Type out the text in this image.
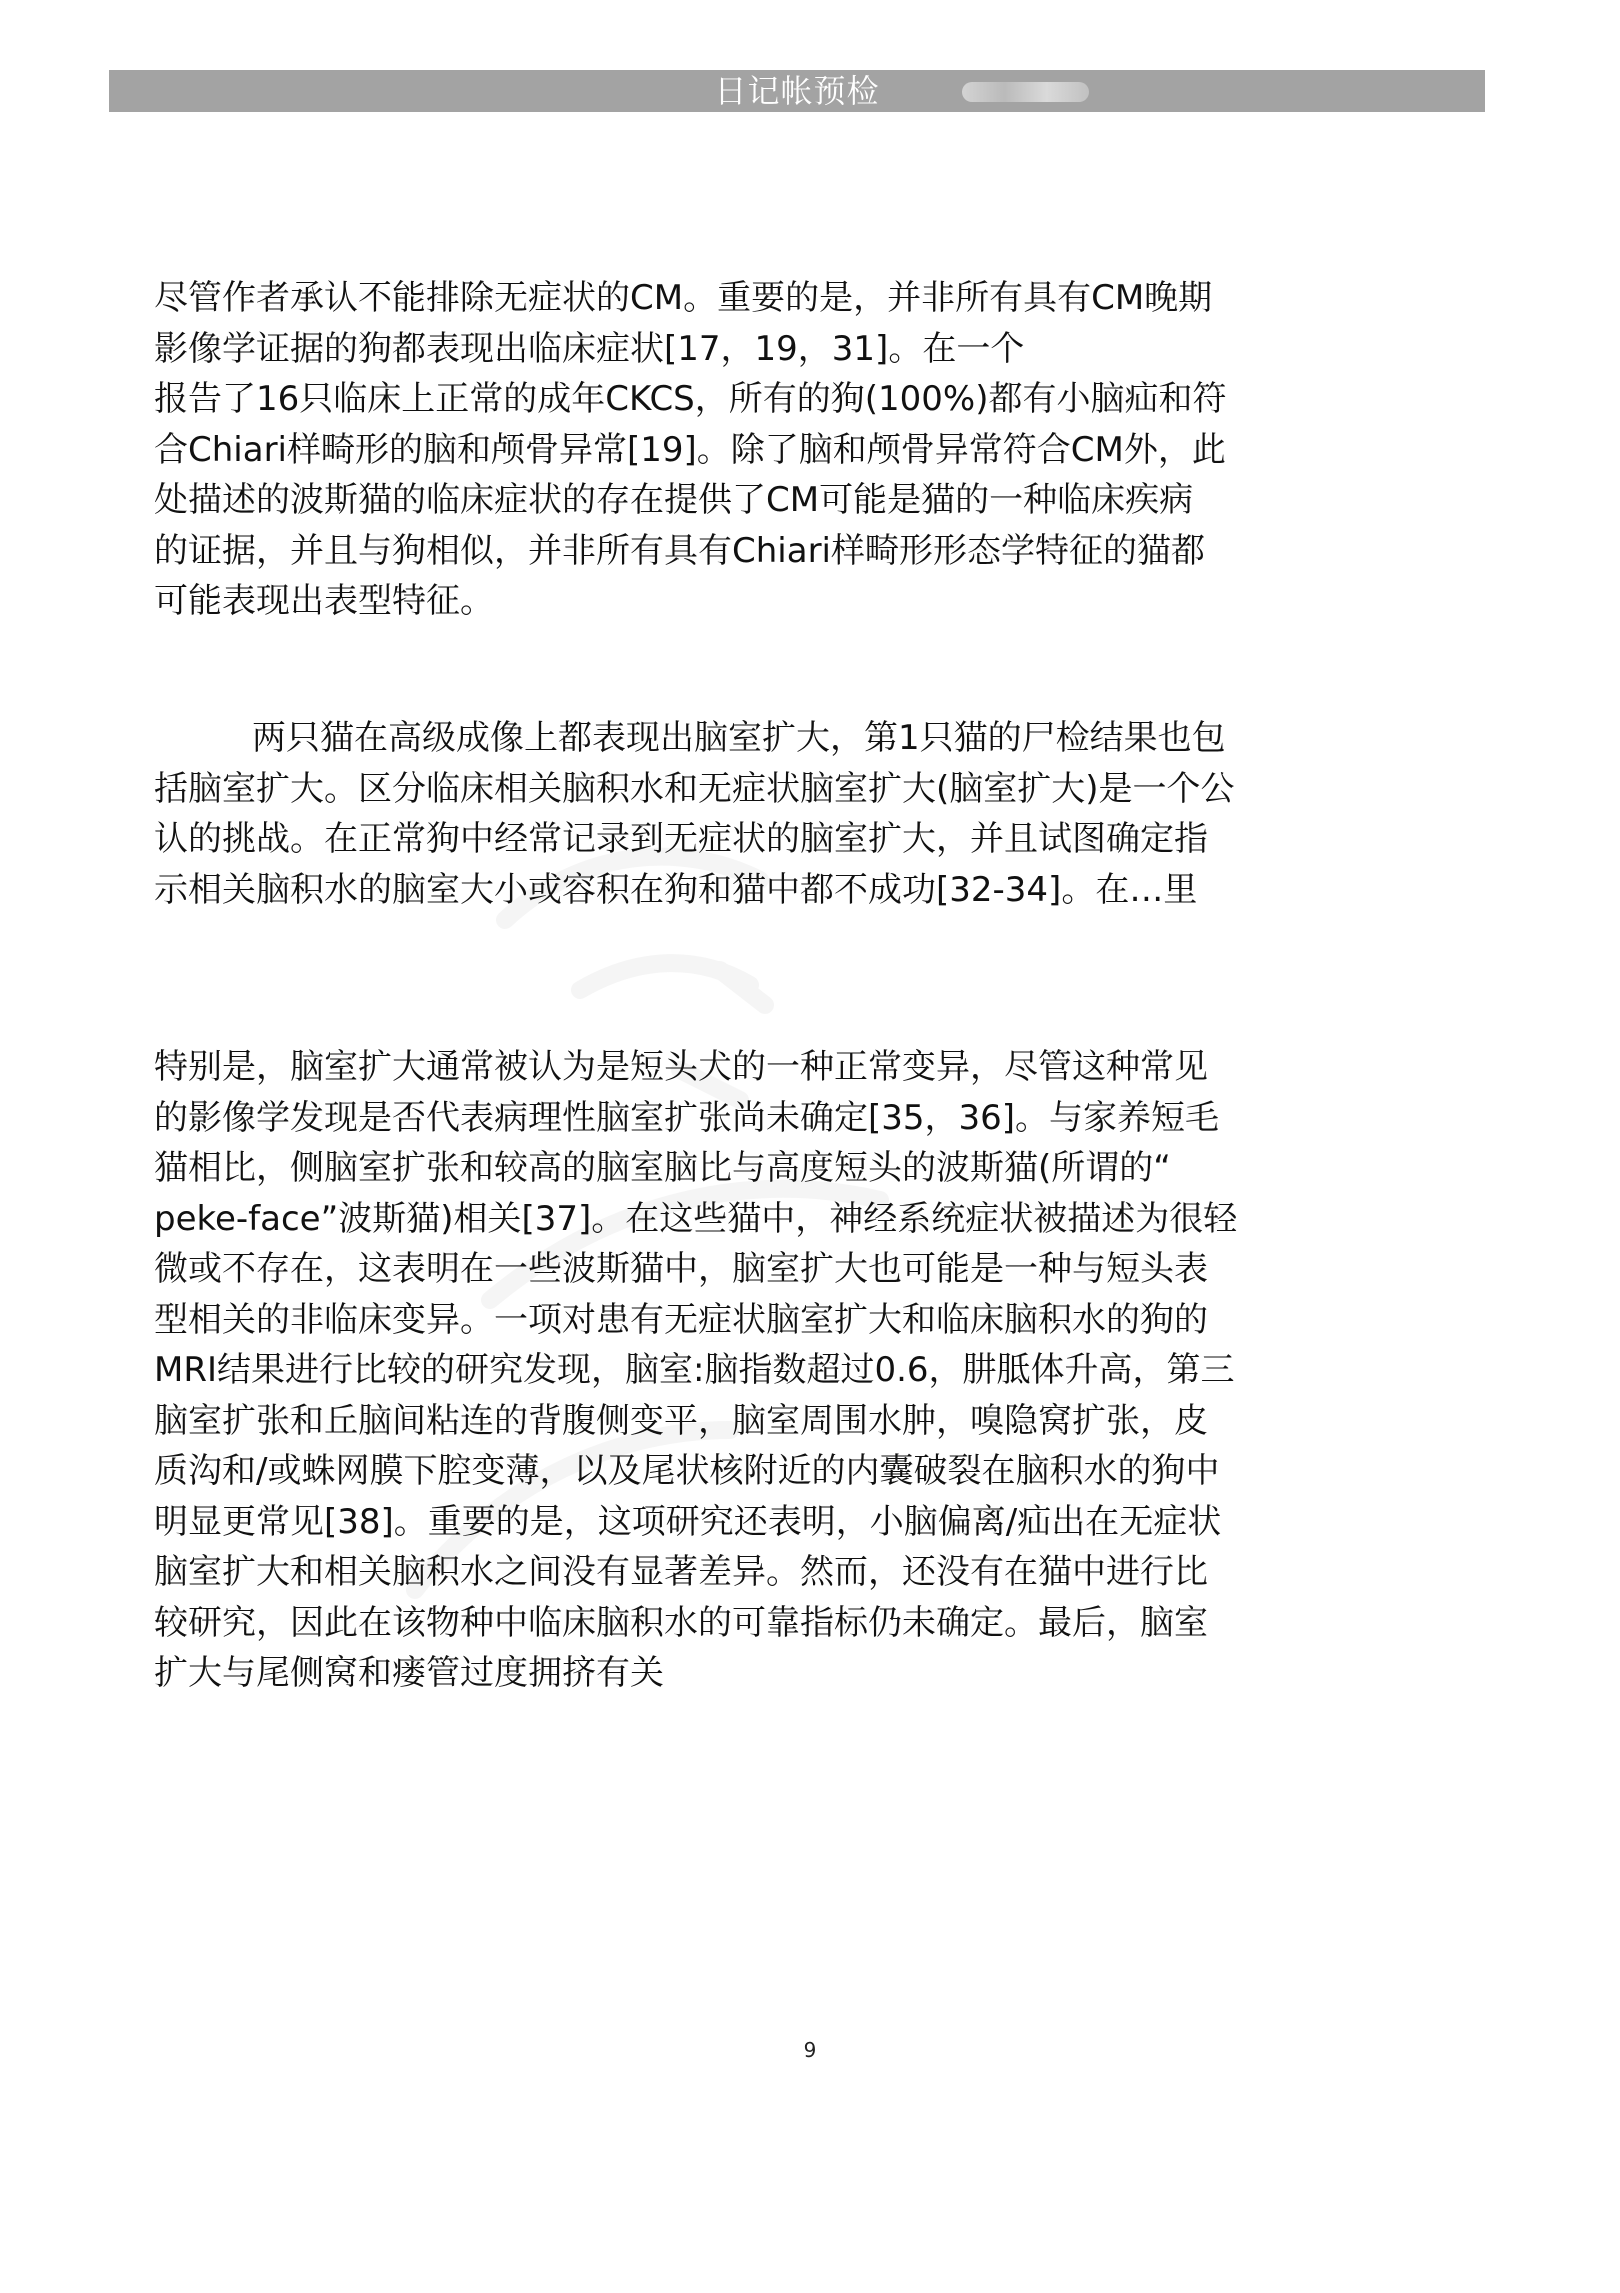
日记帐预检
尽管作者承认不能排除无症状的CM。重要的是，并非所有具有CM晚期
影像学证据的狗都表现出临床症状[17，19，31]。在一个
报告了16只临床上正常的成年CKCS，所有的狗(100%)都有小脑疝和符
合Chiari样畸形的脑和颅骨异常[19]。除了脑和颅骨异常符合CM外，此
处描述的波斯猫的临床症状的存在提供了CM可能是猫的一种临床疾病
的证据，并且与狗相似，并非所有具有Chiari样畸形形态学特征的猫都
可能表现出表型特征。
两只猫在高级成像上都表现出脑室扩大，第1只猫的尸检结果也包
括脑室扩大。区分临床相关脑积水和无症状脑室扩大(脑室扩大)是一个公
认的挑战。在正常狗中经常记录到无症状的脑室扩大，并且试图确定指
示相关脑积水的脑室大小或容积在狗和猫中都不成功[32-34]。在…里
特别是，脑室扩大通常被认为是短头犬的一种正常变异，尽管这种常见
的影像学发现是否代表病理性脑室扩张尚未确定[35，36]。与家养短毛
猫相比，侧脑室扩张和较高的脑室脑比与高度短头的波斯猫(所谓的“
peke-face”波斯猫)相关[37]。在这些猫中，神经系统症状被描述为很轻
微或不存在，这表明在一些波斯猫中，脑室扩大也可能是一种与短头表
型相关的非临床变异。一项对患有无症状脑室扩大和临床脑积水的狗的
MRI结果进行比较的研究发现，脑室:脑指数超过0.6，肼胝体升高，第三
脑室扩张和丘脑间粘连的背腹侧变平，脑室周围水肿，嗅隐窝扩张，皮
质沟和/或蛛网膜下腔变薄，以及尾状核附近的内囊破裂在脑积水的狗中
明显更常见[38]。重要的是，这项研究还表明，小脑偏离/疝出在无症状
脑室扩大和相关脑积水之间没有显著差异。然而，还没有在猫中进行比
较研究，因此在该物种中临床脑积水的可靠指标仍未确定。最后，脑室
扩大与尾侧窝和瘘管过度拥挤有关
9
